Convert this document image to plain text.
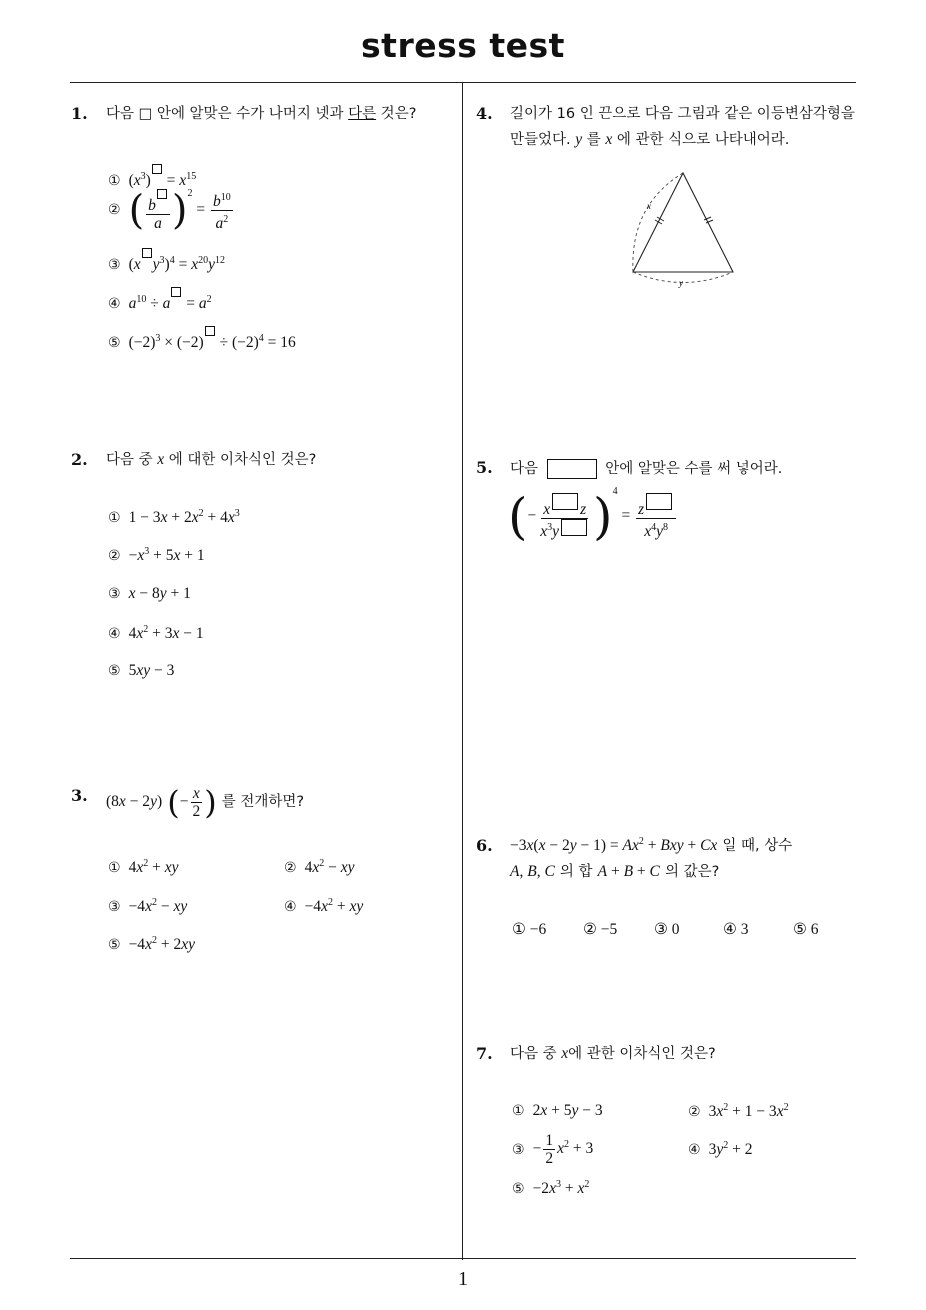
stress test
1
1. 다음 □ 안에 알맞은 수가 나머지 넷과 다른 것은?
① $(x^3) = x^{15}$
② ( $\frac{b}{a} )^2 = \frac{b^{10}}{a^2}$
③ (x $y^3)^4 = x^{20}y^{12}$
④ $a^{10} \div a = a^2$
⑤ $(-2)^3 \times (-2) \div (-2)^4 = 16$
2. 다음 중 x 에 대한 이차식인 것은?
① $1 - 3x + 2x^2 + 4x^3$
② $-x^3 + 5x + 1$
③ x − 8y + 1
④ $4x^2 + 3x - 1$
⑤ 5xy − 3
3. (8x − 2y) (− $\frac{x}{2}$ ) 를 전개하면?
① $4x^2$ + xy	② $4x^2$ − xy
③ $-4x^2$ − xy	④ $-4x^2$ + xy
⑤ $-4x^2 + 2xy$
4. 길이가 16 인 끈으로 다음 그림과 같은 이등변삼각형을
만들었다. y 를 x 에 관한 식으로 나타내어라.
x
y
5. 다음	안에 알맞은 수를 써 넣어라.
(− $\frac{\text{x z}}{x^3y} )^4 = \frac{z}{x^4y^8}$
6. $-3x(x - 2y - 1) = Ax^2$ + Bxy + Cx 일 때, 상수
A, B, C 의 합 A + B + C 의 값은?
① −6 ② −5 ③ 0	④ 3	⑤ 6
7. 다음 중 x에 관한 이차식인 것은?
① 2x + 5y − 3	② $3x^2 + 1 - 3x^2$
③ − $\frac{1}{2} x^2 + 3$	④ $3y^2 + 2$
⑤ $-2x^3 + x^2$
